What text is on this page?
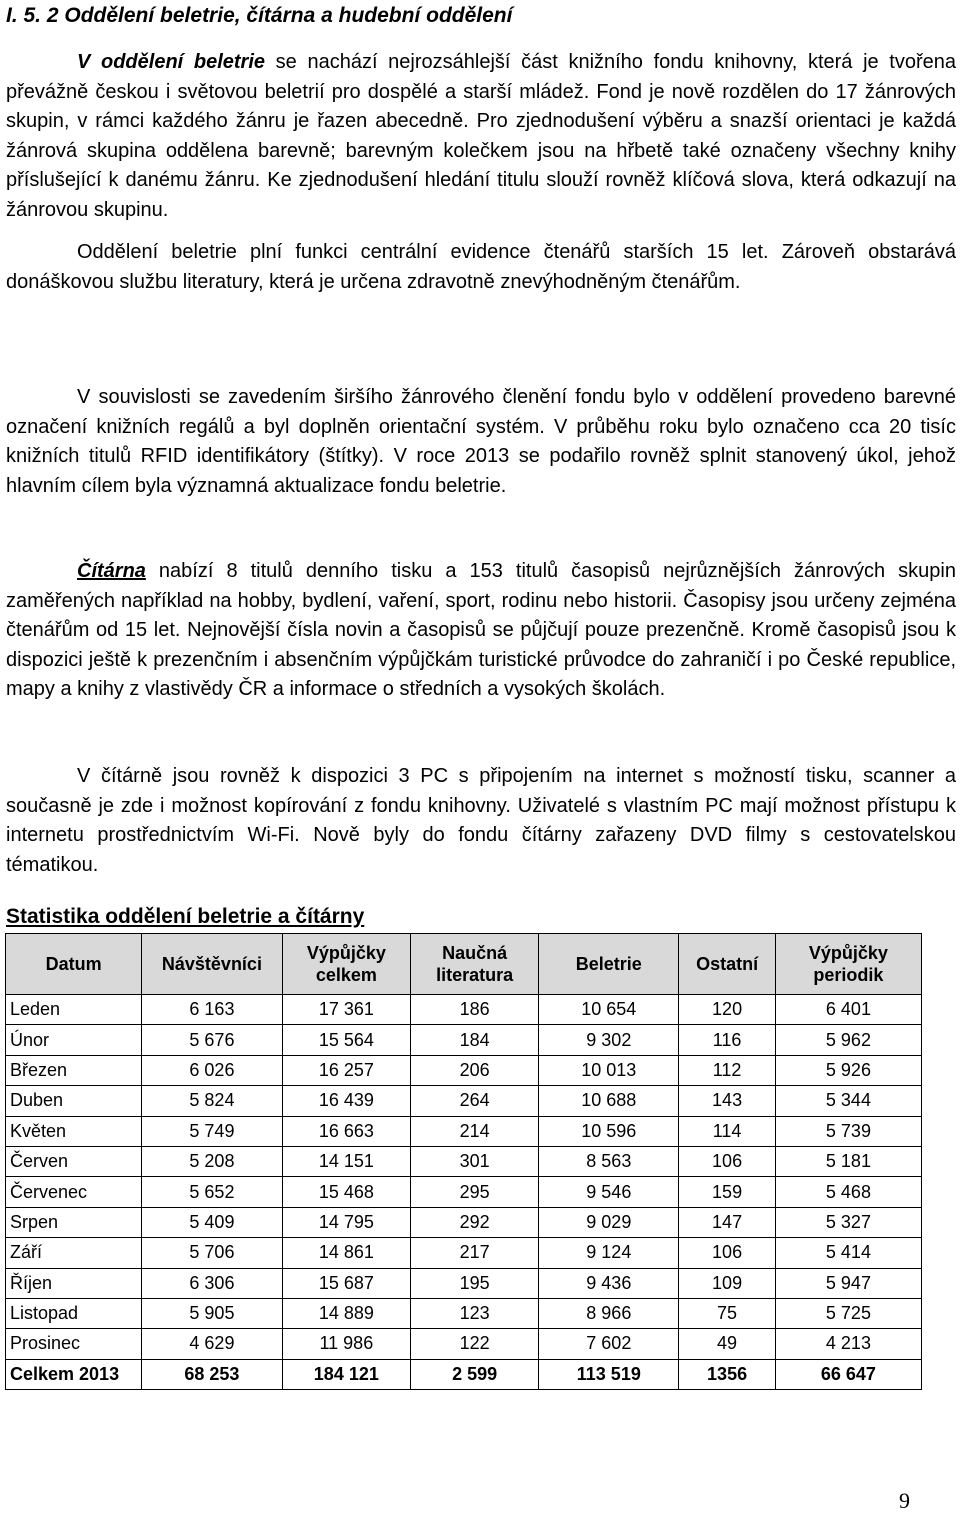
I. 5. 2 Oddělení beletrie, čítárna a hudební oddělení

V oddělení beletrie se nachází nejrozsáhlejší část knižního fondu knihovny, která je tvořena převážně českou i světovou beletrií pro dospělé a starší mládež. Fond je nově rozdělen do 17 žánrových skupin, v rámci každého žánru je řazen abecedně. Pro zjednodušení výběru a snazší orientaci je každá žánrová skupina oddělena barevně; barevným kolečkem jsou na hřbetě také označeny všechny knihy příslušející k danému žánru. Ke zjednodušení hledání titulu slouží rovněž klíčová slova, která odkazují na žánrovou skupinu.

Oddělení beletrie plní funkci centrální evidence čtenářů starších 15 let. Zároveň obstarává donáškovou službu literatury, která je určena zdravotně znevýhodněným čtenářům.

V souvislosti se zavedením širšího žánrového členění fondu bylo v oddělení provedeno barevné označení knižních regálů a byl doplněn orientační systém. V průběhu roku bylo označeno cca 20 tisíc knižních titulů RFID identifikátory (štítky). V roce 2013 se podařilo rovněž splnit stanovený úkol, jehož hlavním cílem byla významná aktualizace fondu beletrie.

Čítárna nabízí 8 titulů denního tisku a 153 titulů časopisů nejrůznějších žánrových skupin zaměřených například na hobby, bydlení, vaření, sport, rodinu nebo historii. Časopisy jsou určeny zejména čtenářům od 15 let. Nejnovější čísla novin a časopisů se půjčují pouze prezenčně. Kromě časopisů jsou k dispozici ještě k prezenčním i absenčním výpůjčkám turistické průvodce do zahraničí i po České republice, mapy a knihy z vlastivědy ČR a informace o středních a vysokých školách.

V čítárně jsou rovněž k dispozici 3 PC s připojením na internet s možností tisku, scanner a současně je zde i možnost kopírování z fondu knihovny. Uživatelé s vlastním PC mají možnost přístupu k internetu prostřednictvím Wi-Fi. Nově byly do fondu čítárny zařazeny DVD filmy s cestovatelskou tématikou.

Statistika oddělení beletrie a čítárny
Datum	Návštěvníci	Výpůjčky celkem	Naučná literatura	Beletrie	Ostatní	Výpůjčky periodik
Leden	6 163	17 361	186	10 654	120	6 401
Únor	5 676	15 564	184	9 302	116	5 962
Březen	6 026	16 257	206	10 013	112	5 926
Duben	5 824	16 439	264	10 688	143	5 344
Květen	5 749	16 663	214	10 596	114	5 739
Červen	5 208	14 151	301	8 563	106	5 181
Červenec	5 652	15 468	295	9 546	159	5 468
Srpen	5 409	14 795	292	9 029	147	5 327
Září	5 706	14 861	217	9 124	106	5 414
Říjen	6 306	15 687	195	9 436	109	5 947
Listopad	5 905	14 889	123	8 966	75	5 725
Prosinec	4 629	11 986	122	7 602	49	4 213
Celkem 2013	68 253	184 121	2 599	113 519	1356	66 647
9
